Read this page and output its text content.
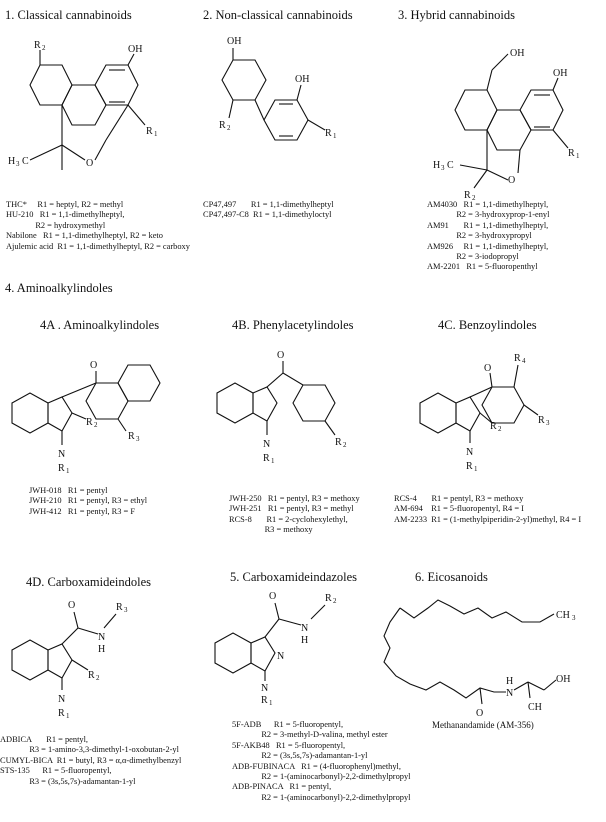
1. Classical cannabinoids	2. Non-classical cannabinoids	3. Hybrid cannabinoids
4. Aminoalkylindoles
4A . Aminoalkylindoles	4B. Phenylacetylindoles	4C. Benzoylindoles
4D. Carboxamideindoles	5. Carboxamideindazoles	6. Eicosanoids
R 2	OH
O
R 1
H 3 C
THC*     R1 = heptyl, R2 = methyl
HU-210   R1 = 1,1-dimethylheptyl,
R2 = hydroxymethyl
Nabilone   R1 = 1,1-dimethylheptyl, R2 = keto
Ajulemic acid  R1 = 1,1-dimethylheptyl, R2 = carboxy
OH
OH
R 2	R 1
CP47,497       R1 = 1,1-dimethylheptyl
CP47,497-C8  R1 = 1,1-dimethyloctyl
OH
OH
O
R 1
H 3 C
R 2
AM4030   R1 = 1,1-dimethylheptyl,
R2 = 3-hydroxyprop-1-enyl
AM91       R1 = 1,1-dimethylheptyl,
R2 = 3-hydroxypropyl
AM926     R1 = 1,1-dimethylheptyl,
R2 = 3-iodopropyl
AM-2201   R1 = 5-fluoropenthyl
O
N
R 2
R 3
R 1
JWH-018   R1 = pentyl
JWH-210   R1 = pentyl, R3 = ethyl
JWH-412   R1 = pentyl, R3 = F
O
N	R 2
R 1
JWH-250   R1 = pentyl, R3 = methoxy
JWH-251   R1 = pentyl, R3 = methyl
RCS-8       R1 = 2-cyclohexylethyl,
R3 = methoxy
O
N
R 4
R 3
R 2
R 1
RCS-4       R1 = pentyl, R3 = methoxy
AM-694    R1 = 5-fluoropentyl, R4 = I
AM-2233  R1 = (1-methylpiperidin-2-yl)methyl, R4 = I
O
N
H
R 3
R 2
N
R 1
ADBICA       R1 = pentyl,
R3 = 1-amino-3,3-dimethyl-1-oxobutan-2-yl
CUMYL-BICA  R1 = butyl, R3 = α,α-dimethylbenzyl
STS-135      R1 = 5-fluoropentyl,
R3 = (3s,5s,7s)-adamantan-1-yl
O
N
H
R 2
N
N
R 1
5F-ADB      R1 = 5-fluoropentyl,
R2 = 3-methyl-D-valina, methyl ester
5F-AKB48   R1 = 5-fluoropentyl,
R2 = (3s,5s,7s)-adamantan-1-yl
ADB-FUBINACA   R1 = (4-fluorophenyl)methyl,
R2 = 1-(aminocarbonyl)-2,2-dimethylpropyl
ADB-PINACA   R1 = pentyl,
R2 = 1-(aminocarbonyl)-2,2-dimethylpropyl
CH 3
N
H
O
OH
CH
Methanandamide (AM-356)
